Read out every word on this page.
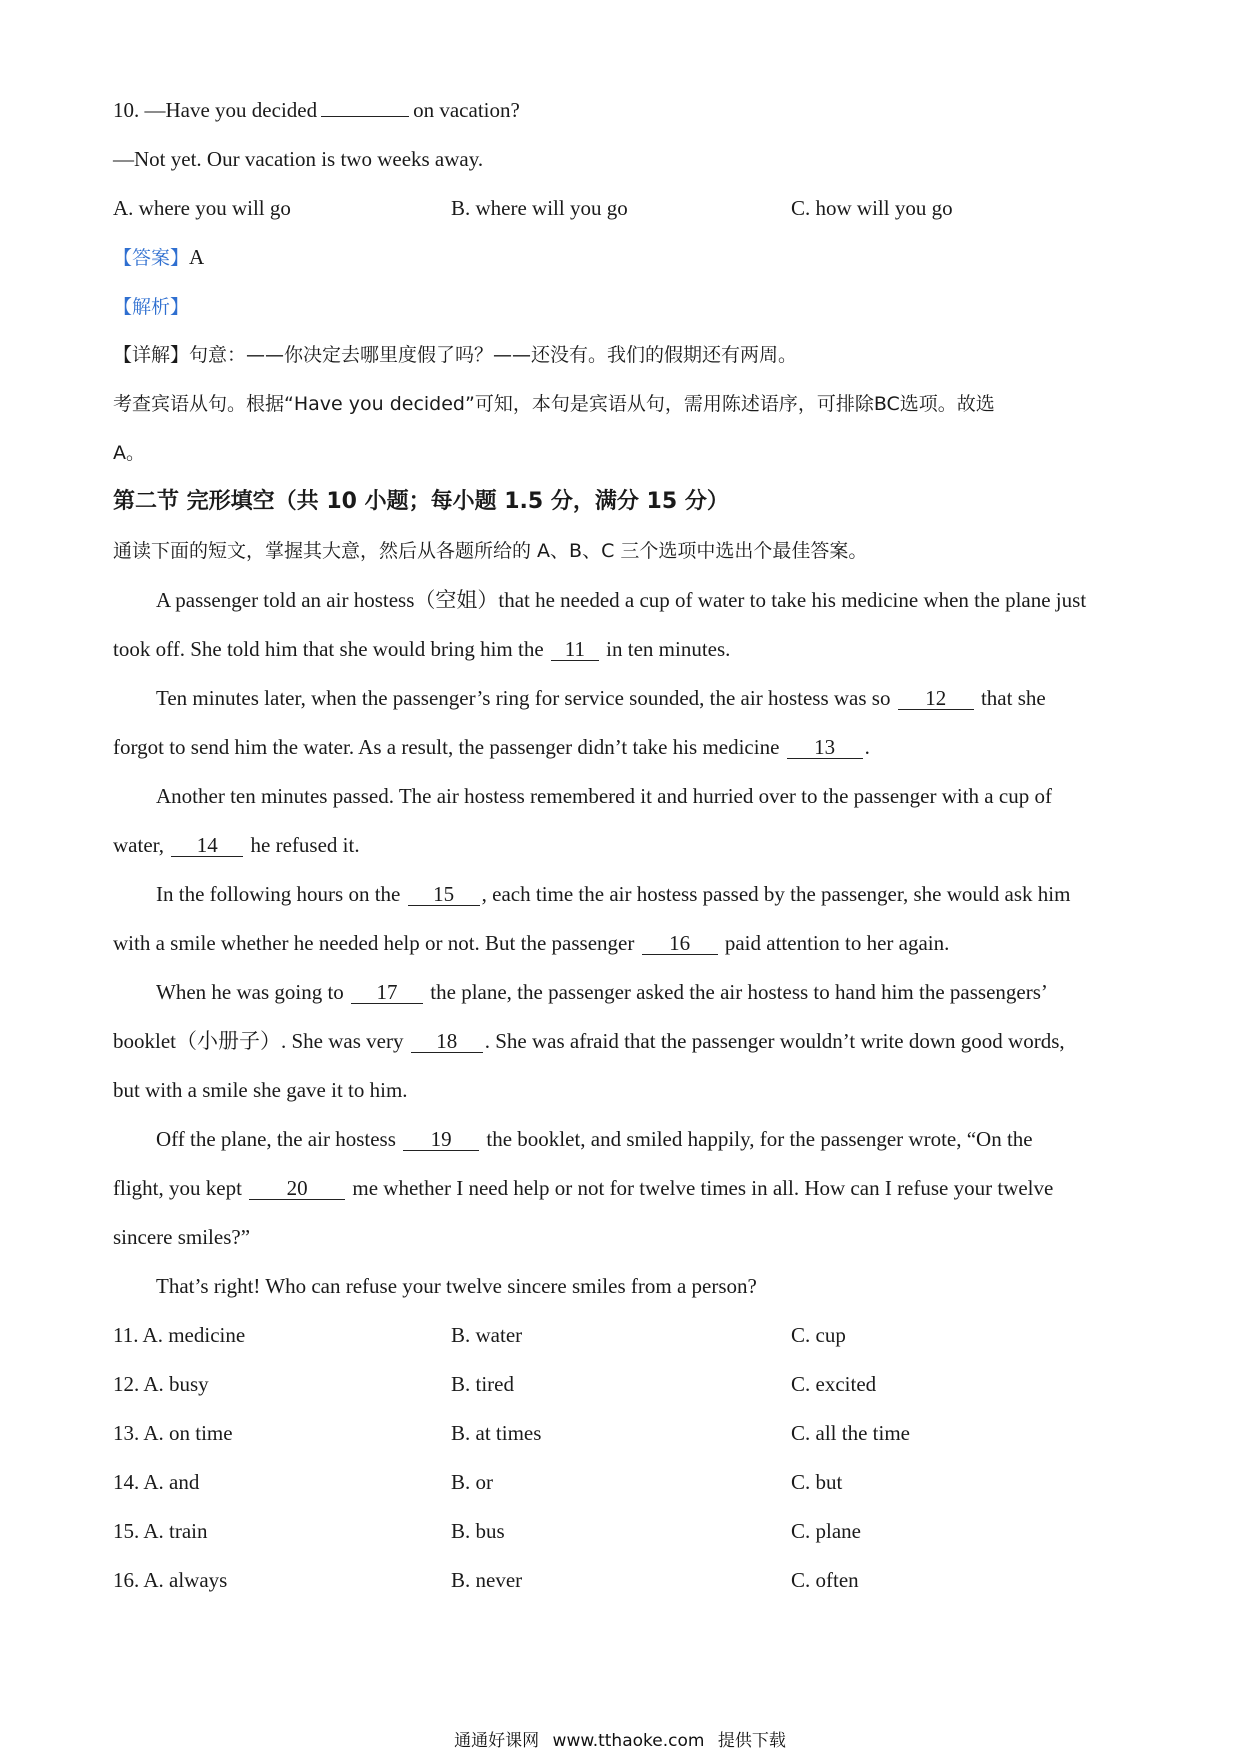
10. —Have you decided	on vacation?
—Not yet. Our vacation is two weeks away.
A. where you will go	B. where will you go	C. how will you go
【答案】A
【解析】
【详解】句意：——你决定去哪里度假了吗？——还没有。我们的假期还有两周。
考查宾语从句。根据“Have you decided”可知，本句是宾语从句，需用陈述语序，可排除BC选项。故选
A。
第二节 完形填空（共 10 小题；每小题 1.5 分，满分 15 分）
通读下面的短文，掌握其大意，然后从各题所给的 A、B、C 三个选项中选出个最佳答案。
A passenger told an air hostess（空姐）that he needed a cup of water to take his medicine when the plane just
took off. She told him that she would bring him the 11 in ten minutes.
Ten minutes later, when the passenger’s ring for service sounded, the air hostess was so 12 that she
forgot to send him the water. As a result, the passenger didn’t take his medicine 13 .
Another ten minutes passed. The air hostess remembered it and hurried over to the passenger with a cup of
water, 14 he refused it.
In the following hours on the 15 , each time the air hostess passed by the passenger, she would ask him
with a smile whether he needed help or not. But the passenger 16 paid attention to her again.
When he was going to 17 the plane, the passenger asked the air hostess to hand him the passengers’
booklet（小册子）. She was very 18 . She was afraid that the passenger wouldn’t write down good words,
but with a smile she gave it to him.
Off the plane, the air hostess 19 the booklet, and smiled happily, for the passenger wrote, “On the
flight, you kept 20 me whether I need help or not for twelve times in all. How can I refuse your twelve
sincere smiles?”
That’s right! Who can refuse your twelve sincere smiles from a person?
11. A. medicine	B. water	C. cup
12. A. busy	B. tired	C. excited
13. A. on time	B. at times	C. all the time
14. A. and	B. or	C. but
15. A. train	B. bus	C. plane
16. A. always	B. never	C. often
通通好课网 www.tthaoke.com 提供下载
